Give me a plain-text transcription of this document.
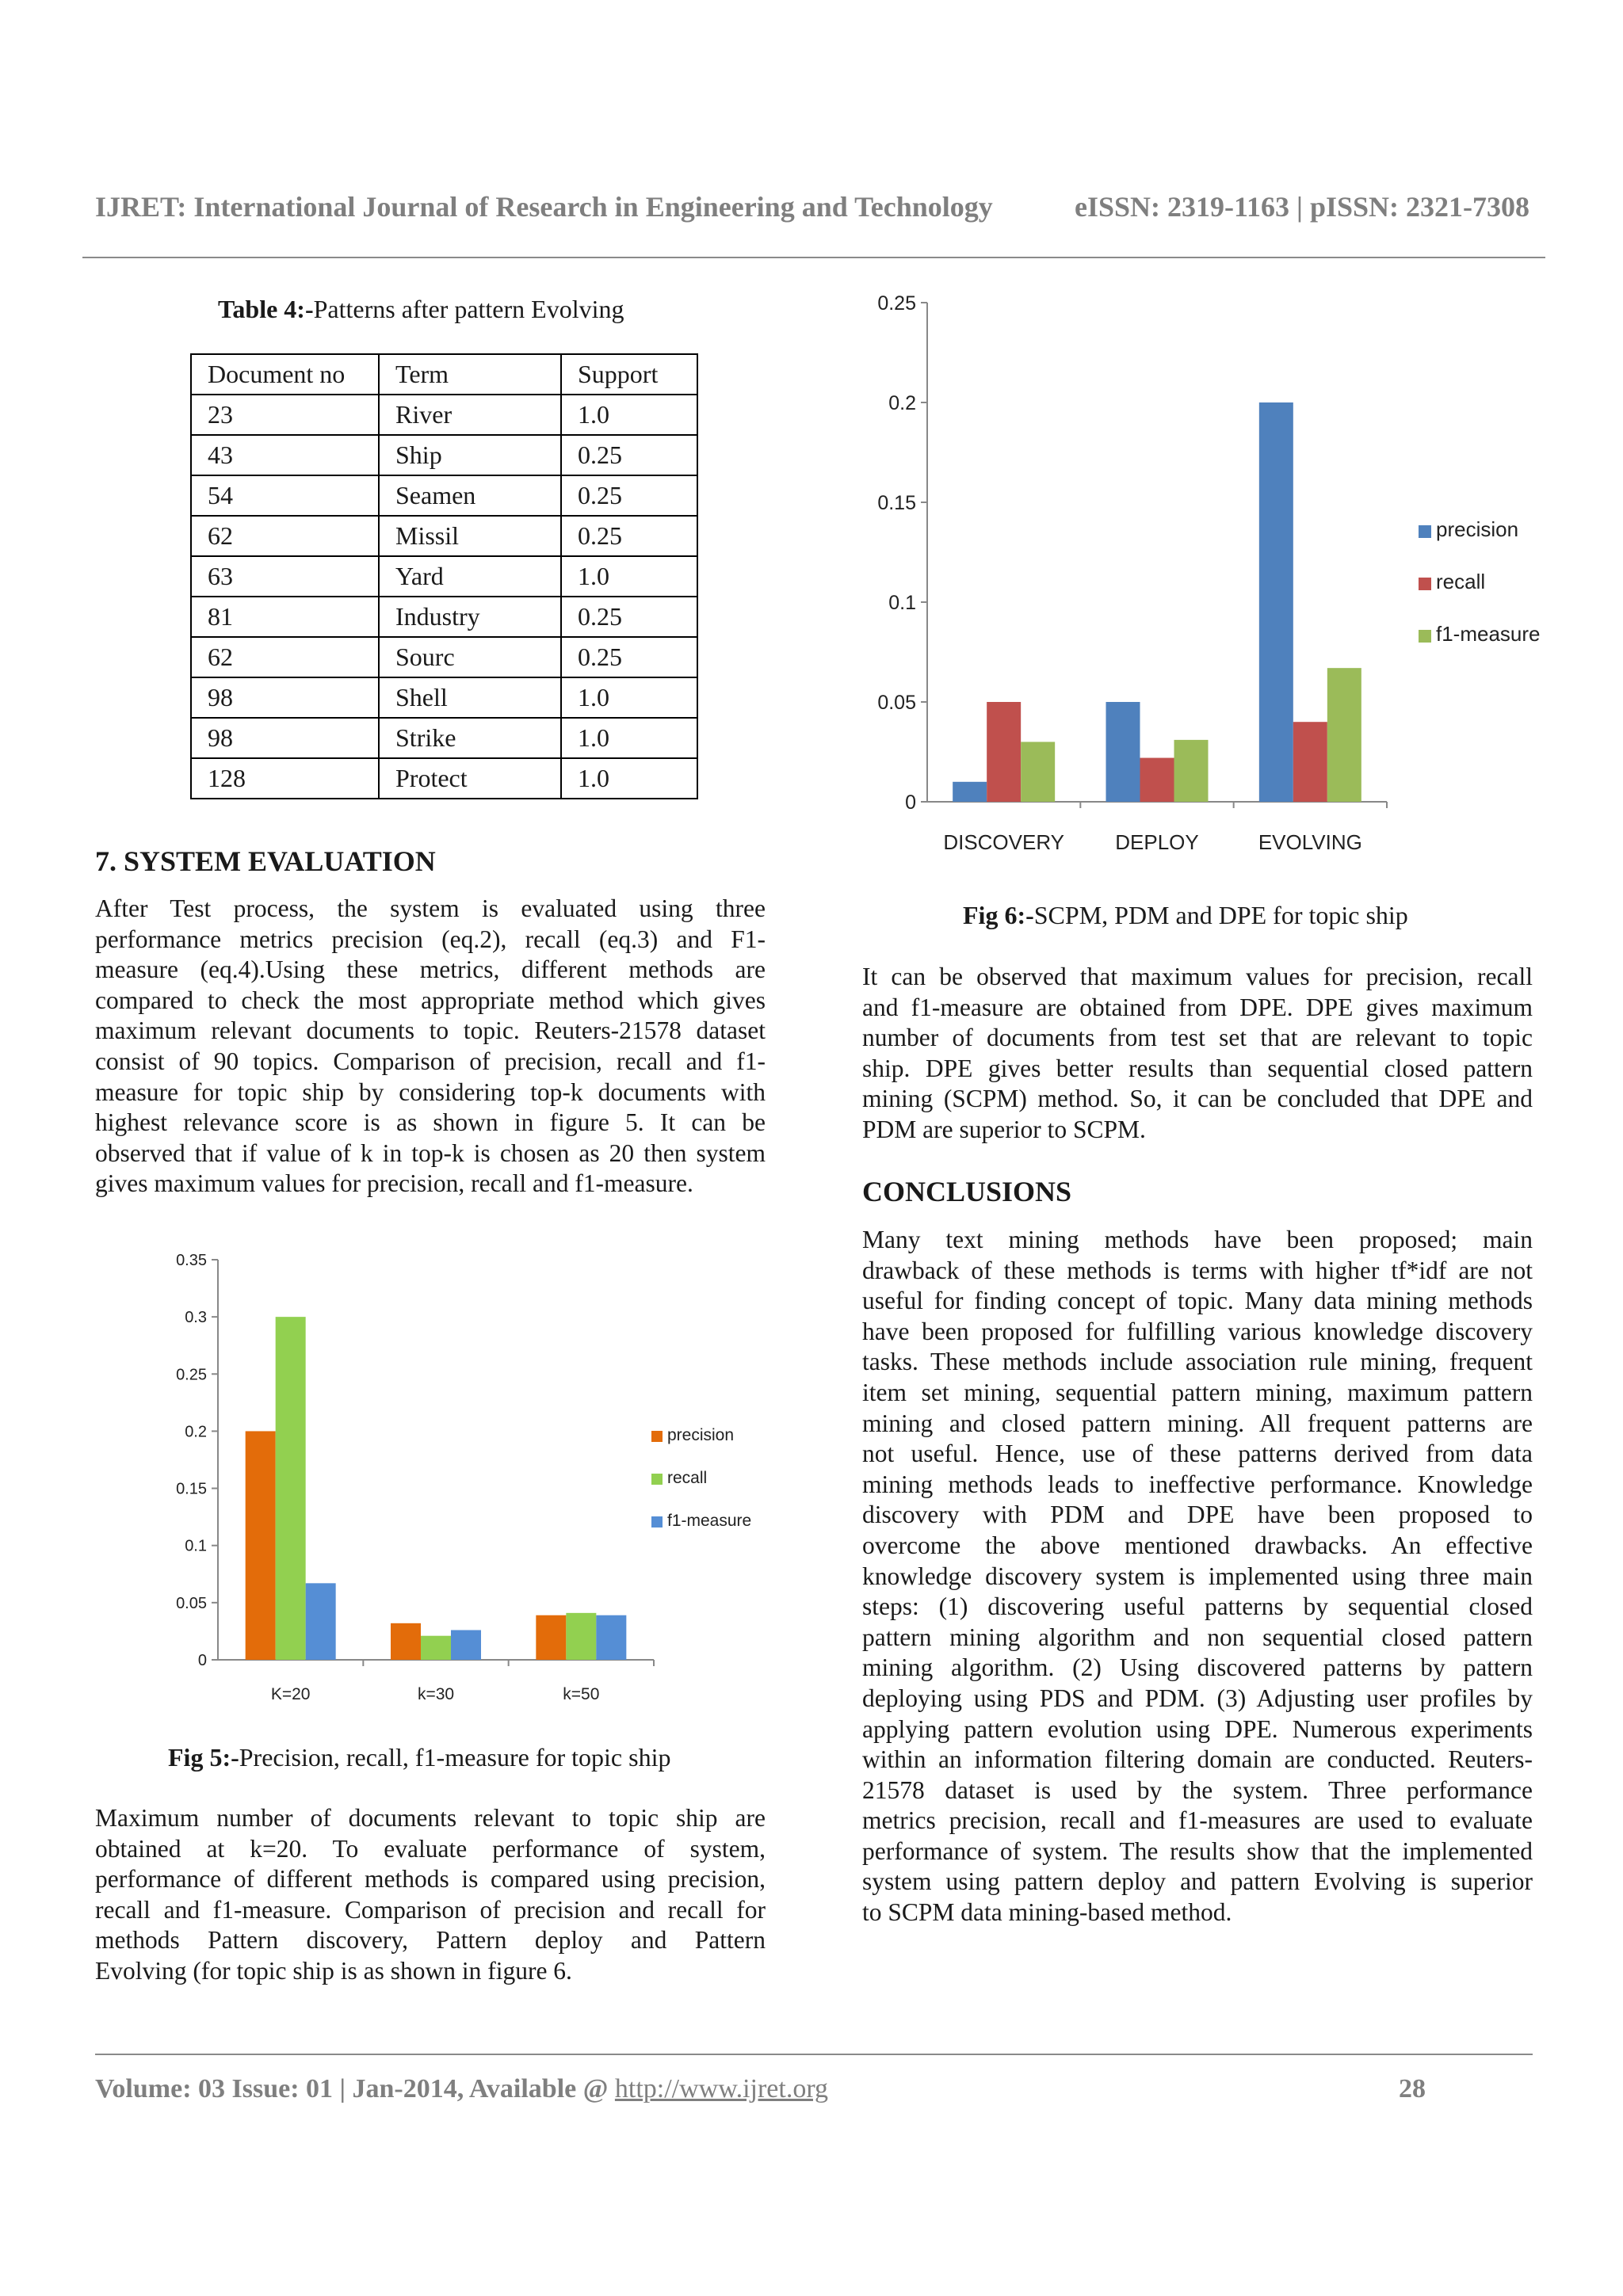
IJRET: International Journal of Research in Engineering and Technology	eISSN: 2319-1163 | pISSN: 2321-7308
Table 4:-Patterns after pattern Evolving
Document no	Term	Support
23	River	1.0
43	Ship	0.25
54	Seamen	0.25
62	Missil	0.25
63	Yard	1.0
81	Industry	0.25
62	Sourc	0.25
98	Shell	1.0
98	Strike	1.0
128	Protect	1.0
7. SYSTEM EVALUATION
After Test process, the system is evaluated using three
performance metrics precision (eq.2), recall (eq.3) and F1-
measure (eq.4).Using these metrics, different methods are
compared to check the most appropriate method which gives
maximum relevant documents to topic. Reuters-21578 dataset
consist of 90 topics. Comparison of precision, recall and f1-
measure for topic ship by considering top-k documents with
highest relevance score is as shown in figure 5. It can be
observed that if value of k in top-k is chosen as 20 then system
gives maximum values for precision, recall and f1-measure.
0
0.05
0.1
0.15
0.2
0.25
0.3
0.35
K=20	k=30	k=50
precision
recall
f1-measure
Fig 5:-Precision, recall, f1-measure for topic ship
Maximum number of documents relevant to topic ship are
obtained at k=20. To evaluate performance of system,
performance of different methods is compared using precision,
recall and f1-measure. Comparison of precision and recall for
methods Pattern discovery, Pattern deploy and Pattern
Evolving (for topic ship is as shown in figure 6.
0
0.05
0.1
0.15
0.2
0.25
DISCOVERY DEPLOY	EVOLVING
precision
recall
f1-measure
Fig 6:-SCPM, PDM and DPE for topic ship
It can be observed that maximum values for precision, recall
and f1-measure are obtained from DPE. DPE gives maximum
number of documents from test set that are relevant to topic
ship. DPE gives better results than sequential closed pattern
mining (SCPM) method. So, it can be concluded that DPE and
PDM are superior to SCPM.
CONCLUSIONS
Many text mining methods have been proposed; main
drawback of these methods is terms with higher tf*idf are not
useful for finding concept of topic. Many data mining methods
have been proposed for fulfilling various knowledge discovery
tasks. These methods include association rule mining, frequent
item set mining, sequential pattern mining, maximum pattern
mining and closed pattern mining. All frequent patterns are
not useful. Hence, use of these patterns derived from data
mining methods leads to ineffective performance. Knowledge
discovery with PDM and DPE have been proposed to
overcome the above mentioned drawbacks. An effective
knowledge discovery system is implemented using three main
steps: (1) discovering useful patterns by sequential closed
pattern mining algorithm and non sequential closed pattern
mining algorithm. (2) Using discovered patterns by pattern
deploying using PDS and PDM. (3) Adjusting user profiles by
applying pattern evolution using DPE. Numerous experiments
within an information filtering domain are conducted. Reuters-
21578 dataset is used by the system. Three performance
metrics precision, recall and f1-measures are used to evaluate
performance of system. The results show that the implemented
system using pattern deploy and pattern Evolving is superior
to SCPM data mining-based method.
Volume: 03 Issue: 01 | Jan-2014, Available @ http://www.ijret.org	28
